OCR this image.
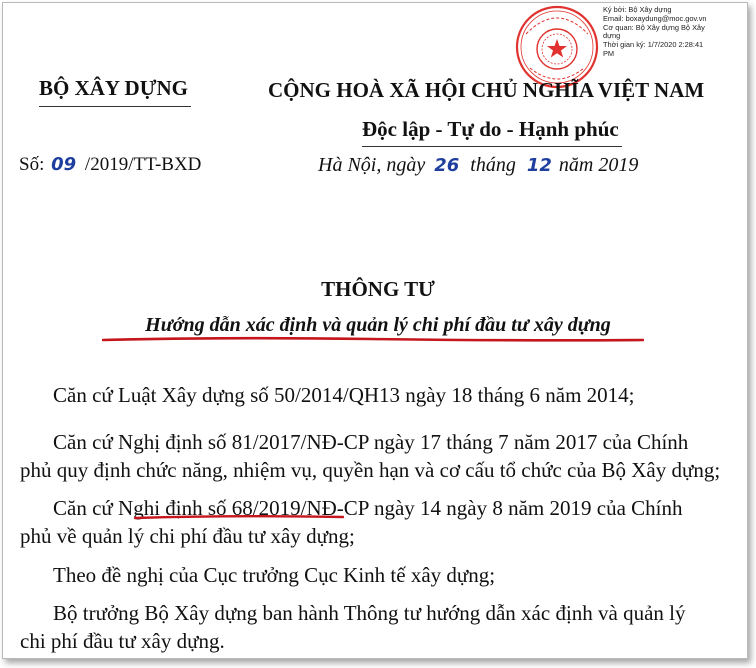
Ký bởi: Bộ Xây dựng
Email: boxaydung@moc.gov.vn
Cơ quan: Bộ Xây dựng Bộ Xây
dựng
Thời gian ký: 1/7/2020 2:28:41
PM
BỘ XÂY DỰNG	CỘNG HOÀ XÃ HỘI CHỦ NGHĨA VIỆT NAM
Độc lập - Tự do - Hạnh phúc
Số: 09 /2019/TT-BXD	Hà Nội, ngày 26 tháng 12 năm 2019
THÔNG TƯ
Hướng dẫn xác định và quản lý chi phí đầu tư xây dựng
Căn cứ Luật Xây dựng số 50/2014/QH13 ngày 18 tháng 6 năm 2014;
Căn cứ Nghị định số 81/2017/NĐ-CP ngày 17 tháng 7 năm 2017 của Chính
phủ quy định chức năng, nhiệm vụ, quyền hạn và cơ cấu tổ chức của Bộ Xây dựng;
Căn cứ Nghị định số 68/2019/NĐ-CP ngày 14 ngày 8 năm 2019 của Chính
phủ về quản lý chi phí đầu tư xây dựng;
Theo đề nghị của Cục trưởng Cục Kinh tế xây dựng;
Bộ trưởng Bộ Xây dựng ban hành Thông tư hướng dẫn xác định và quản lý
chi phí đầu tư xây dựng.
